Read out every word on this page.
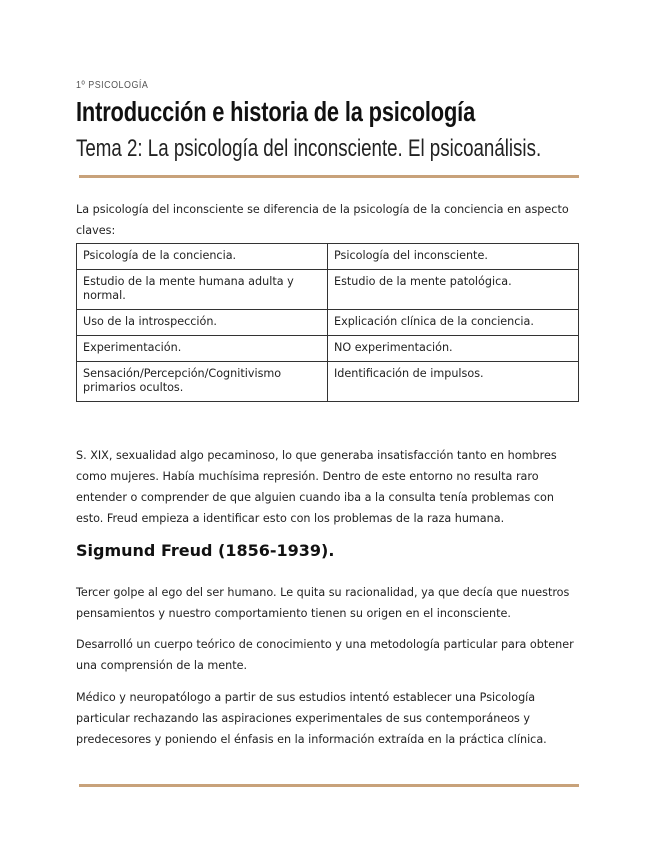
1º PSICOLOGÍA
Introducción e historia de la psicología
Tema 2: La psicología del inconsciente. El psicoanálisis.
La psicología del inconsciente se diferencia de la psicología de la conciencia en aspecto claves:
Psicología de la conciencia.	Psicología del inconsciente.
Estudio de la mente humana adulta y normal.	Estudio de la mente patológica.
Uso de la introspección.	Explicación clínica de la conciencia.
Experimentación.	NO experimentación.
Sensación/Percepción/Cognitivismo primarios ocultos.	Identificación de impulsos.

S. XIX, sexualidad algo pecaminoso, lo que generaba insatisfacción tanto en hombres como mujeres. Había muchísima represión. Dentro de este entorno no resulta raro entender o comprender de que alguien cuando iba a la consulta tenía problemas con esto. Freud empieza a identificar esto con los problemas de la raza humana.

Sigmund Freud (1856-1939).

Tercer golpe al ego del ser humano. Le quita su racionalidad, ya que decía que nuestros pensamientos y nuestro comportamiento tienen su origen en el inconsciente.

Desarrolló un cuerpo teórico de conocimiento y una metodología particular para obtener una comprensión de la mente.

Médico y neuropatólogo a partir de sus estudios intentó establecer una Psicología particular rechazando las aspiraciones experimentales de sus contemporáneos y predecesores y poniendo el énfasis en la información extraída en la práctica clínica.
